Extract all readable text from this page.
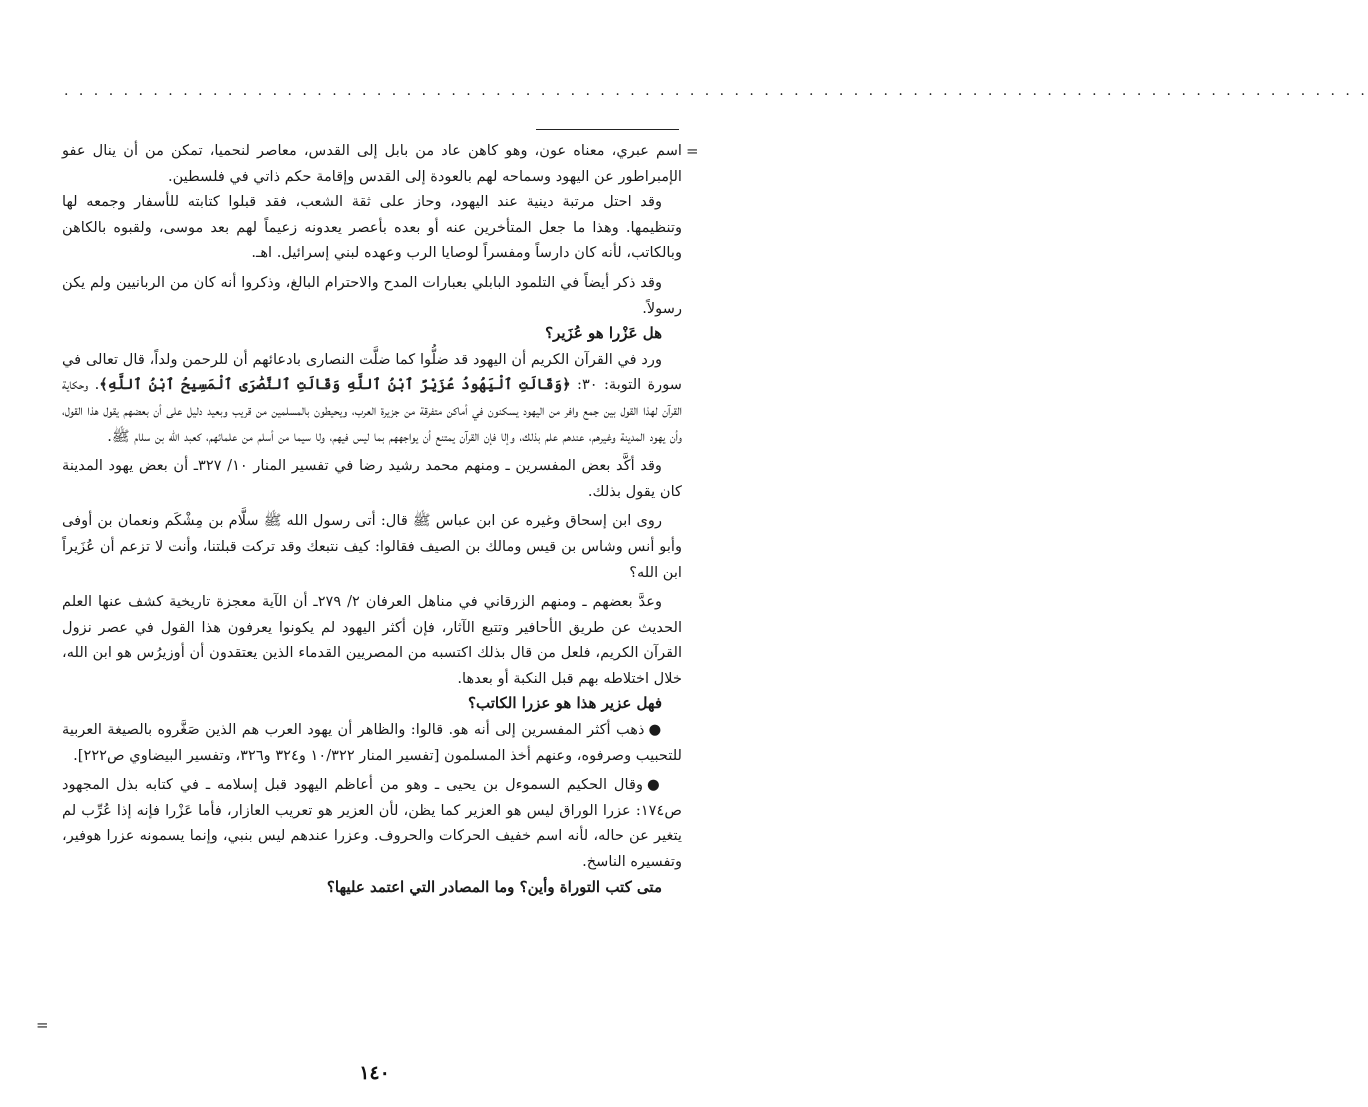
. . . . . . . . . . . . . . . . . . . . . . . . . . . . . . . . . . . . . . . . . . . . . . . . . . . . . . . . . . . . . . . . . . . . . . . . . . . . . . . . . . . . . . . .
=

اسم عبري، معناه عون، وهو كاهن عاد من بابل إلى القدس، معاصر لنحميا، تمكن من أن ينال عفو الإمبراطور عن اليهود وسماحه لهم بالعودة إلى القدس وإقامة حكم ذاتي في فلسطين.

وقد احتل مرتبة دينية عند اليهود، وحاز على ثقة الشعب، فقد قبلوا كتابته للأسفار وجمعه لها وتنظيمها. وهذا ما جعل المتأخرين عنه أو بعده بأعصر يعدونه زعيماً لهم بعد موسى، ولقبوه بالكاهن وبالكاتب، لأنه كان دارساً ومفسراً لوصايا الرب وعهده لبني إسرائيل. اهـ.

وقد ذكر أيضاً في التلمود البابلي بعبارات المدح والاحترام البالغ، وذكروا أنه كان من الربانيين ولم يكن رسولاً.

هل عَزْرا هو عُزَير؟

ورد في القرآن الكريم أن اليهود قد ضلُّوا كما ضلَّت النصارى بادعائهم أن للرحمن ولداً، قال تعالى في سورة التوبة: ٣٠: ﴿وَقَالَتِ ٱلْيَهُودُ عُزَيْرٌ ٱبْنُ ٱللَّهِ وَقَالَتِ ٱلنَّصَٰرَى ٱلْمَسِيحُ ٱبْنُ ٱللَّهِ﴾. وحكاية القرآن لهذا القول بين جمع وافر من اليهود يسكنون في أماكن متفرقة من جزيرة العرب، ويحيطون بالمسلمين من قريب وبعيد دليل على أن بعضهم يقول هذا القول، وأن يهود المدينة وغيرهم، عندهم علم بذلك، وإلا فإن القرآن يمتنع أن يواجههم بما ليس فيهم، ولا سيما من أسلم من علمائهم، كعبد الله بن سلام ﷺ.

وقد أكَّد بعض المفسرين ـ ومنهم محمد رشيد رضا في تفسير المنار ١٠/ ٣٢٧ـ أن بعض يهود المدينة كان يقول بذلك.

روى ابن إسحاق وغيره عن ابن عباس ﷺ قال: أتى رسول الله ﷺ سلَّام بن مِشْكَم ونعمان بن أوفى وأبو أنس وشاس بن قيس ومالك بن الصيف فقالوا: كيف نتبعك وقد تركت قبلتنا، وأنت لا تزعم أن عُزَيراً ابن الله؟

وعدَّ بعضهم ـ ومنهم الزرقاني في مناهل العرفان ٢/ ٢٧٩ـ أن الآية معجزة تاريخية كشف عنها العلم الحديث عن طريق الأحافير وتتبع الآثار، فإن أكثر اليهود لم يكونوا يعرفون هذا القول في عصر نزول القرآن الكريم، فلعل من قال بذلك اكتسبه من المصريين القدماء الذين يعتقدون أن أوزيرُس هو ابن الله، خلال اختلاطه بهم قبل النكبة أو بعدها.

فهل عزير هذا هو عزرا الكاتب؟

●ذهب أكثر المفسرين إلى أنه هو. قالوا: والظاهر أن يهود العرب هم الذين صَغَّروه بالصيغة العربية للتحبيب وصرفوه، وعنهم أخذ المسلمون [تفسير المنار ١٠/٣٢٢ و٣٢٤ و٣٢٦، وتفسير البيضاوي ص٢٢٢].

●وقال الحكيم السموءل بن يحيى ـ وهو من أعاظم اليهود قبل إسلامه ـ في كتابه بذل المجهود ص١٧٤: عزرا الوراق ليس هو العزير كما يظن، لأن العزير هو تعريب العازار، فأما عَزْرا فإنه إذا عُرِّب لم يتغير عن حاله، لأنه اسم خفيف الحركات والحروف. وعزرا عندهم ليس بنبي، وإنما يسمونه عزرا هوفير، وتفسيره الناسخ.

متى كتب التوراة وأين؟ وما المصادر التي اعتمد عليها؟
=
١٤٠
